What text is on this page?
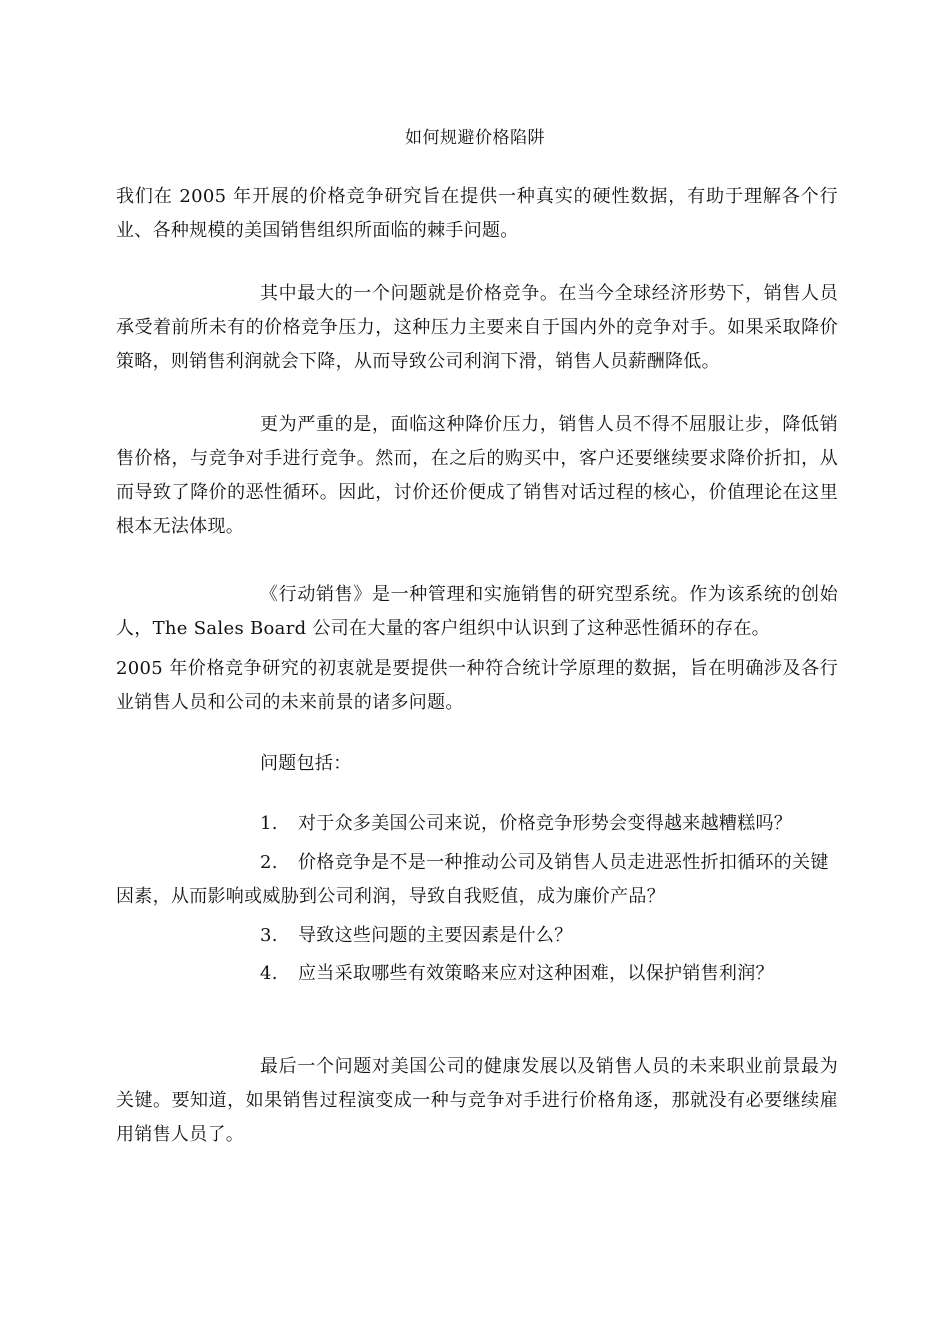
如何规避价格陷阱

我们在 2005 年开展的价格竞争研究旨在提供一种真实的硬性数据，有助于理解各个行业、各种规模的美国销售组织所面临的棘手问题。

其中最大的一个问题就是价格竞争。在当今全球经济形势下，销售人员承受着前所未有的价格竞争压力，这种压力主要来自于国内外的竞争对手。如果采取降价策略，则销售利润就会下降，从而导致公司利润下滑，销售人员薪酬降低。

更为严重的是，面临这种降价压力，销售人员不得不屈服让步，降低销售价格，与竞争对手进行竞争。然而，在之后的购买中，客户还要继续要求降价折扣，从而导致了降价的恶性循环。因此，讨价还价便成了销售对话过程的核心，价值理论在这里根本无法体现。

《行动销售》是一种管理和实施销售的研究型系统。作为该系统的创始人，The Sales Board 公司在大量的客户组织中认识到了这种恶性循环的存在。

2005 年价格竞争研究的初衷就是要提供一种符合统计学原理的数据，旨在明确涉及各行业销售人员和公司的未来前景的诸多问题。

问题包括：

1. 对于众多美国公司来说，价格竞争形势会变得越来越糟糕吗？

2. 价格竞争是不是一种推动公司及销售人员走进恶性折扣循环的关键因素，从而影响或威胁到公司利润，导致自我贬值，成为廉价产品？

3. 导致这些问题的主要因素是什么？

4. 应当采取哪些有效策略来应对这种困难，以保护销售利润？

最后一个问题对美国公司的健康发展以及销售人员的未来职业前景最为关键。要知道，如果销售过程演变成一种与竞争对手进行价格角逐，那就没有必要继续雇用销售人员了。
